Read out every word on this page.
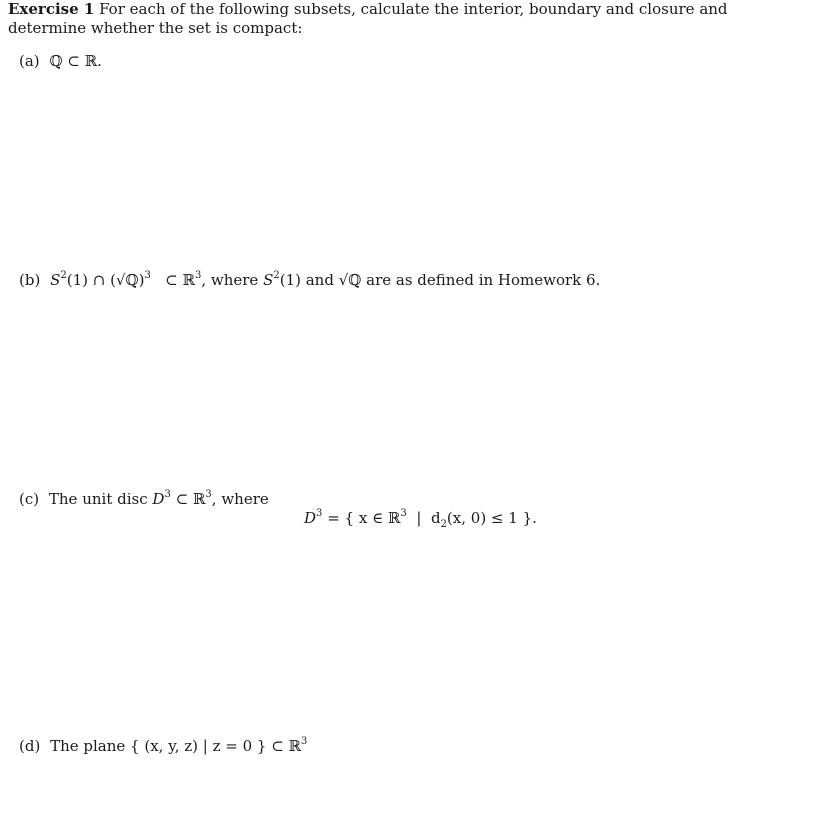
Exercise 1 For each of the following subsets, calculate the interior, boundary and closure and determine whether the set is compact:

(a) ℚ ⊂ ℝ.

(b) $S^2(1)$ ∩ (√ℚ)$^3$ ⊂ ℝ$^3$, where $S^2(1)$ and √ℚ are as defined in Homework 6.

(c) The unit disc $D^3$ ⊂ ℝ$^3$, where

$D^3$ = { x ∈ ℝ$^3$ | $d_2(x$, 0) ≤ 1 }.

(d) The plane { (x, y, z) | z = 0 } ⊂ ℝ$^3$
